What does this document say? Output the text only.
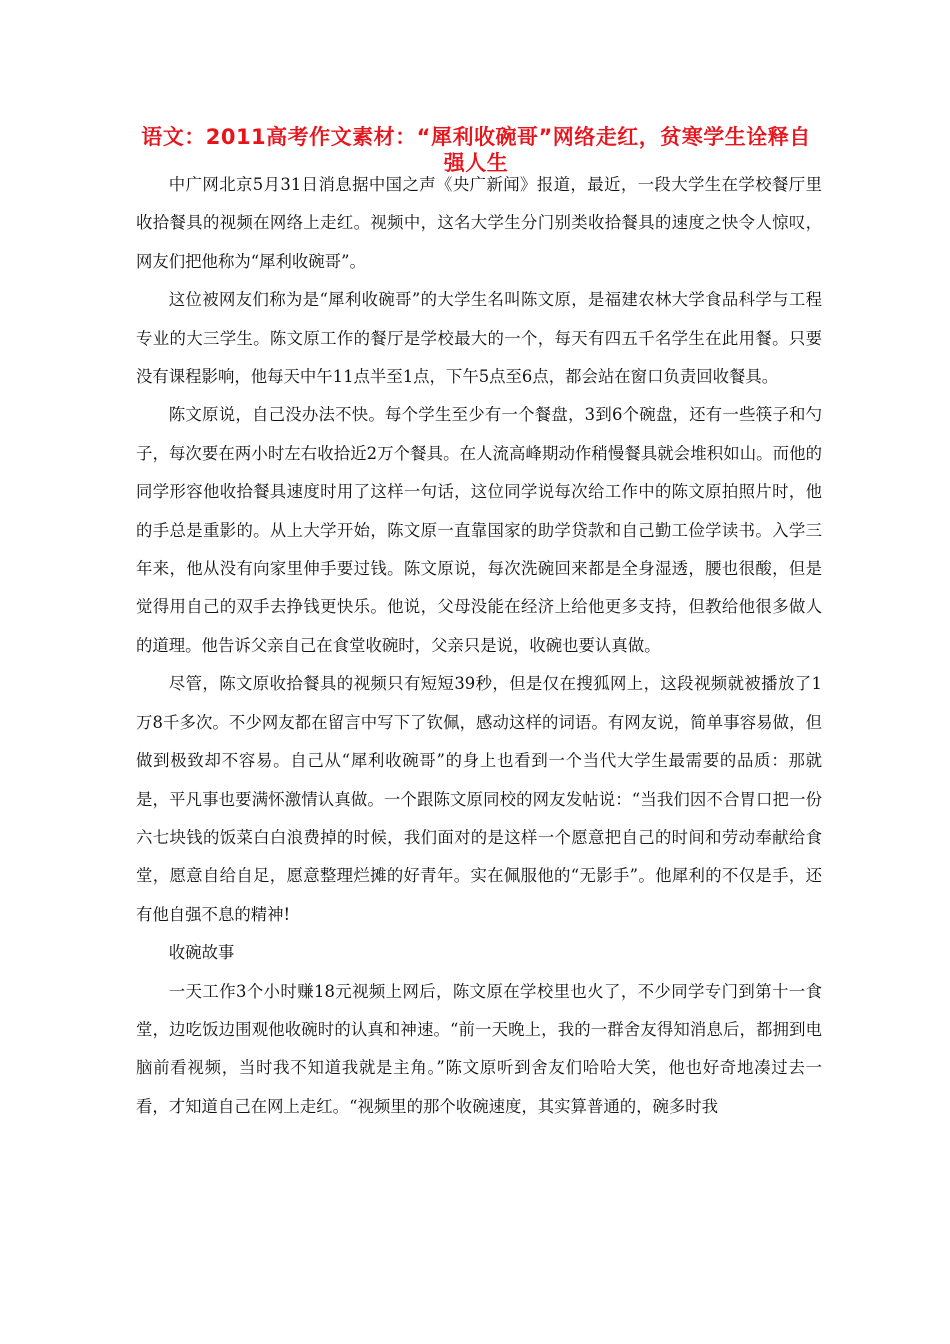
语文：2011高考作文素材：“犀利收碗哥”网络走红，贫寒学生诠释自强人生

中广网北京5月31日消息据中国之声《央广新闻》报道，最近，一段大学生在学校餐厅里收拾餐具的视频在网络上走红。视频中，这名大学生分门别类收拾餐具的速度之快令人惊叹，网友们把他称为“犀利收碗哥”。

这位被网友们称为是“犀利收碗哥”的大学生名叫陈文原，是福建农林大学食品科学与工程专业的大三学生。陈文原工作的餐厅是学校最大的一个，每天有四五千名学生在此用餐。只要没有课程影响，他每天中午11点半至1点，下午5点至6点，都会站在窗口负责回收餐具。

陈文原说，自己没办法不快。每个学生至少有一个餐盘，3到6个碗盘，还有一些筷子和勺子，每次要在两小时左右收拾近2万个餐具。在人流高峰期动作稍慢餐具就会堆积如山。而他的同学形容他收拾餐具速度时用了这样一句话，这位同学说每次给工作中的陈文原拍照片时，他的手总是重影的。从上大学开始，陈文原一直靠国家的助学贷款和自己勤工俭学读书。入学三年来，他从没有向家里伸手要过钱。陈文原说，每次洗碗回来都是全身湿透，腰也很酸，但是觉得用自己的双手去挣钱更快乐。他说，父母没能在经济上给他更多支持，但教给他很多做人的道理。他告诉父亲自己在食堂收碗时，父亲只是说，收碗也要认真做。

尽管，陈文原收拾餐具的视频只有短短39秒，但是仅在搜狐网上，这段视频就被播放了1万8千多次。不少网友都在留言中写下了钦佩，感动这样的词语。有网友说，简单事容易做，但做到极致却不容易。自己从“犀利收碗哥”的身上也看到一个当代大学生最需要的品质：那就是，平凡事也要满怀激情认真做。一个跟陈文原同校的网友发帖说：“当我们因不合胃口把一份六七块钱的饭菜白白浪费掉的时候，我们面对的是这样一个愿意把自己的时间和劳动奉献给食堂，愿意自给自足，愿意整理烂摊的好青年。实在佩服他的“无影手”。他犀利的不仅是手，还有他自强不息的精神!

收碗故事

一天工作3个小时赚18元视频上网后，陈文原在学校里也火了，不少同学专门到第十一食堂，边吃饭边围观他收碗时的认真和神速。“前一天晚上，我的一群舍友得知消息后，都拥到电脑前看视频，当时我不知道我就是主角。”陈文原听到舍友们哈哈大笑，他也好奇地凑过去一看，才知道自己在网上走红。“视频里的那个收碗速度，其实算普通的，碗多时我
